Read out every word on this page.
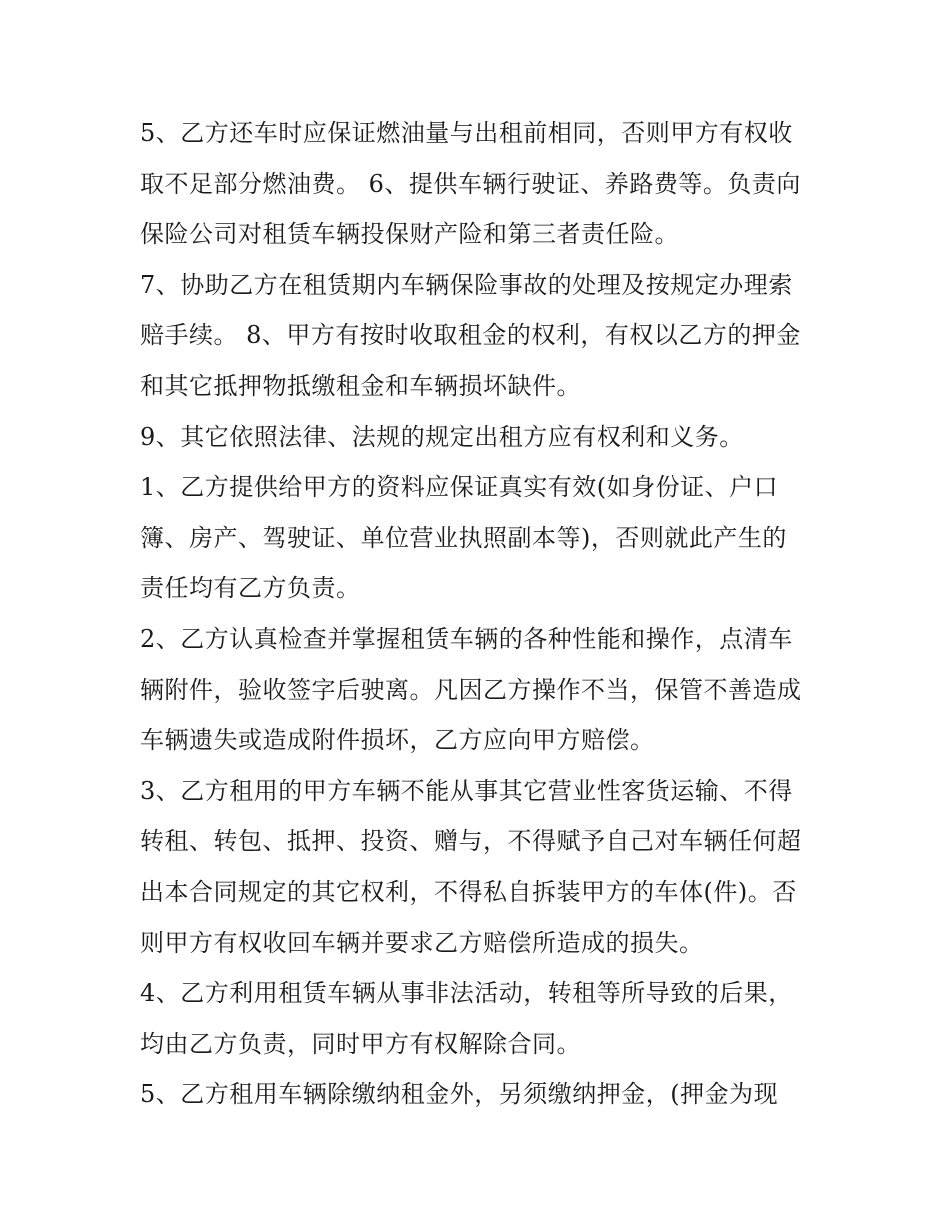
5、乙方还车时应保证燃油量与出租前相同，否则甲方有权收
取不足部分燃油费。 6、提供车辆行驶证、养路费等。负责向
保险公司对租赁车辆投保财产险和第三者责任险。

7、协助乙方在租赁期内车辆保险事故的处理及按规定办理索
赔手续。 8、甲方有按时收取租金的权利，有权以乙方的押金
和其它抵押物抵缴租金和车辆损坏缺件。

9、其它依照法律、法规的规定出租方应有权利和义务。

1、乙方提供给甲方的资料应保证真实有效(如身份证、户口
簿、房产、驾驶证、单位营业执照副本等)，否则就此产生的
责任均有乙方负责。

2、乙方认真检查并掌握租赁车辆的各种性能和操作，点清车
辆附件，验收签字后驶离。凡因乙方操作不当，保管不善造成
车辆遗失或造成附件损坏，乙方应向甲方赔偿。

3、乙方租用的甲方车辆不能从事其它营业性客货运输、不得
转租、转包、抵押、投资、赠与，不得赋予自己对车辆任何超
出本合同规定的其它权利，不得私自拆装甲方的车体(件)。否
则甲方有权收回车辆并要求乙方赔偿所造成的损失。

4、乙方利用租赁车辆从事非法活动，转租等所导致的后果，
均由乙方负责，同时甲方有权解除合同。

5、乙方租用车辆除缴纳租金外，另须缴纳押金，(押金为现
